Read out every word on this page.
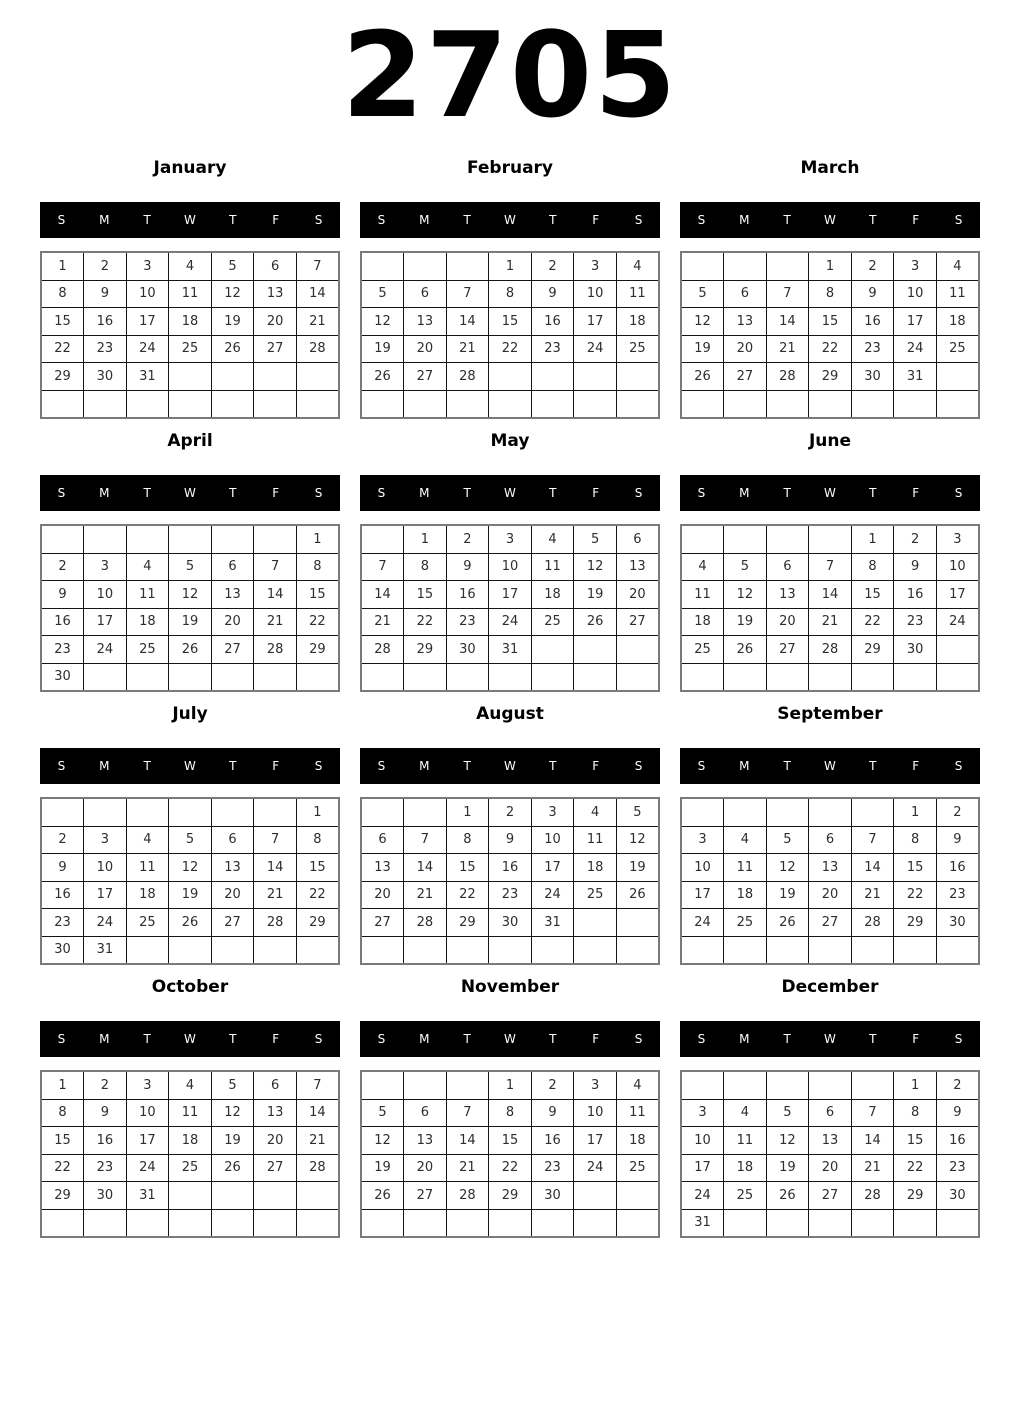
2705
January
S	M	T	W	T	F	S
1	2	3	4	5	6	7
8	9	10	11	12	13	14
15	16	17	18	19	20	21
22	23	24	25	26	27	28
29	30	31				

February
S	M	T	W	T	F	S
			1	2	3	4
5	6	7	8	9	10	11
12	13	14	15	16	17	18
19	20	21	22	23	24	25
26	27	28				

March
S	M	T	W	T	F	S
			1	2	3	4
5	6	7	8	9	10	11
12	13	14	15	16	17	18
19	20	21	22	23	24	25
26	27	28	29	30	31	

April
S	M	T	W	T	F	S
						1
2	3	4	5	6	7	8
9	10	11	12	13	14	15
16	17	18	19	20	21	22
23	24	25	26	27	28	29
30						
May
S	M	T	W	T	F	S
	1	2	3	4	5	6
7	8	9	10	11	12	13
14	15	16	17	18	19	20
21	22	23	24	25	26	27
28	29	30	31			

June
S	M	T	W	T	F	S
				1	2	3
4	5	6	7	8	9	10
11	12	13	14	15	16	17
18	19	20	21	22	23	24
25	26	27	28	29	30	

July
S	M	T	W	T	F	S
						1
2	3	4	5	6	7	8
9	10	11	12	13	14	15
16	17	18	19	20	21	22
23	24	25	26	27	28	29
30	31					
August
S	M	T	W	T	F	S
		1	2	3	4	5
6	7	8	9	10	11	12
13	14	15	16	17	18	19
20	21	22	23	24	25	26
27	28	29	30	31		

September
S	M	T	W	T	F	S
					1	2
3	4	5	6	7	8	9
10	11	12	13	14	15	16
17	18	19	20	21	22	23
24	25	26	27	28	29	30

October
S	M	T	W	T	F	S
1	2	3	4	5	6	7
8	9	10	11	12	13	14
15	16	17	18	19	20	21
22	23	24	25	26	27	28
29	30	31				

November
S	M	T	W	T	F	S
			1	2	3	4
5	6	7	8	9	10	11
12	13	14	15	16	17	18
19	20	21	22	23	24	25
26	27	28	29	30		

December
S	M	T	W	T	F	S
					1	2
3	4	5	6	7	8	9
10	11	12	13	14	15	16
17	18	19	20	21	22	23
24	25	26	27	28	29	30
31						
